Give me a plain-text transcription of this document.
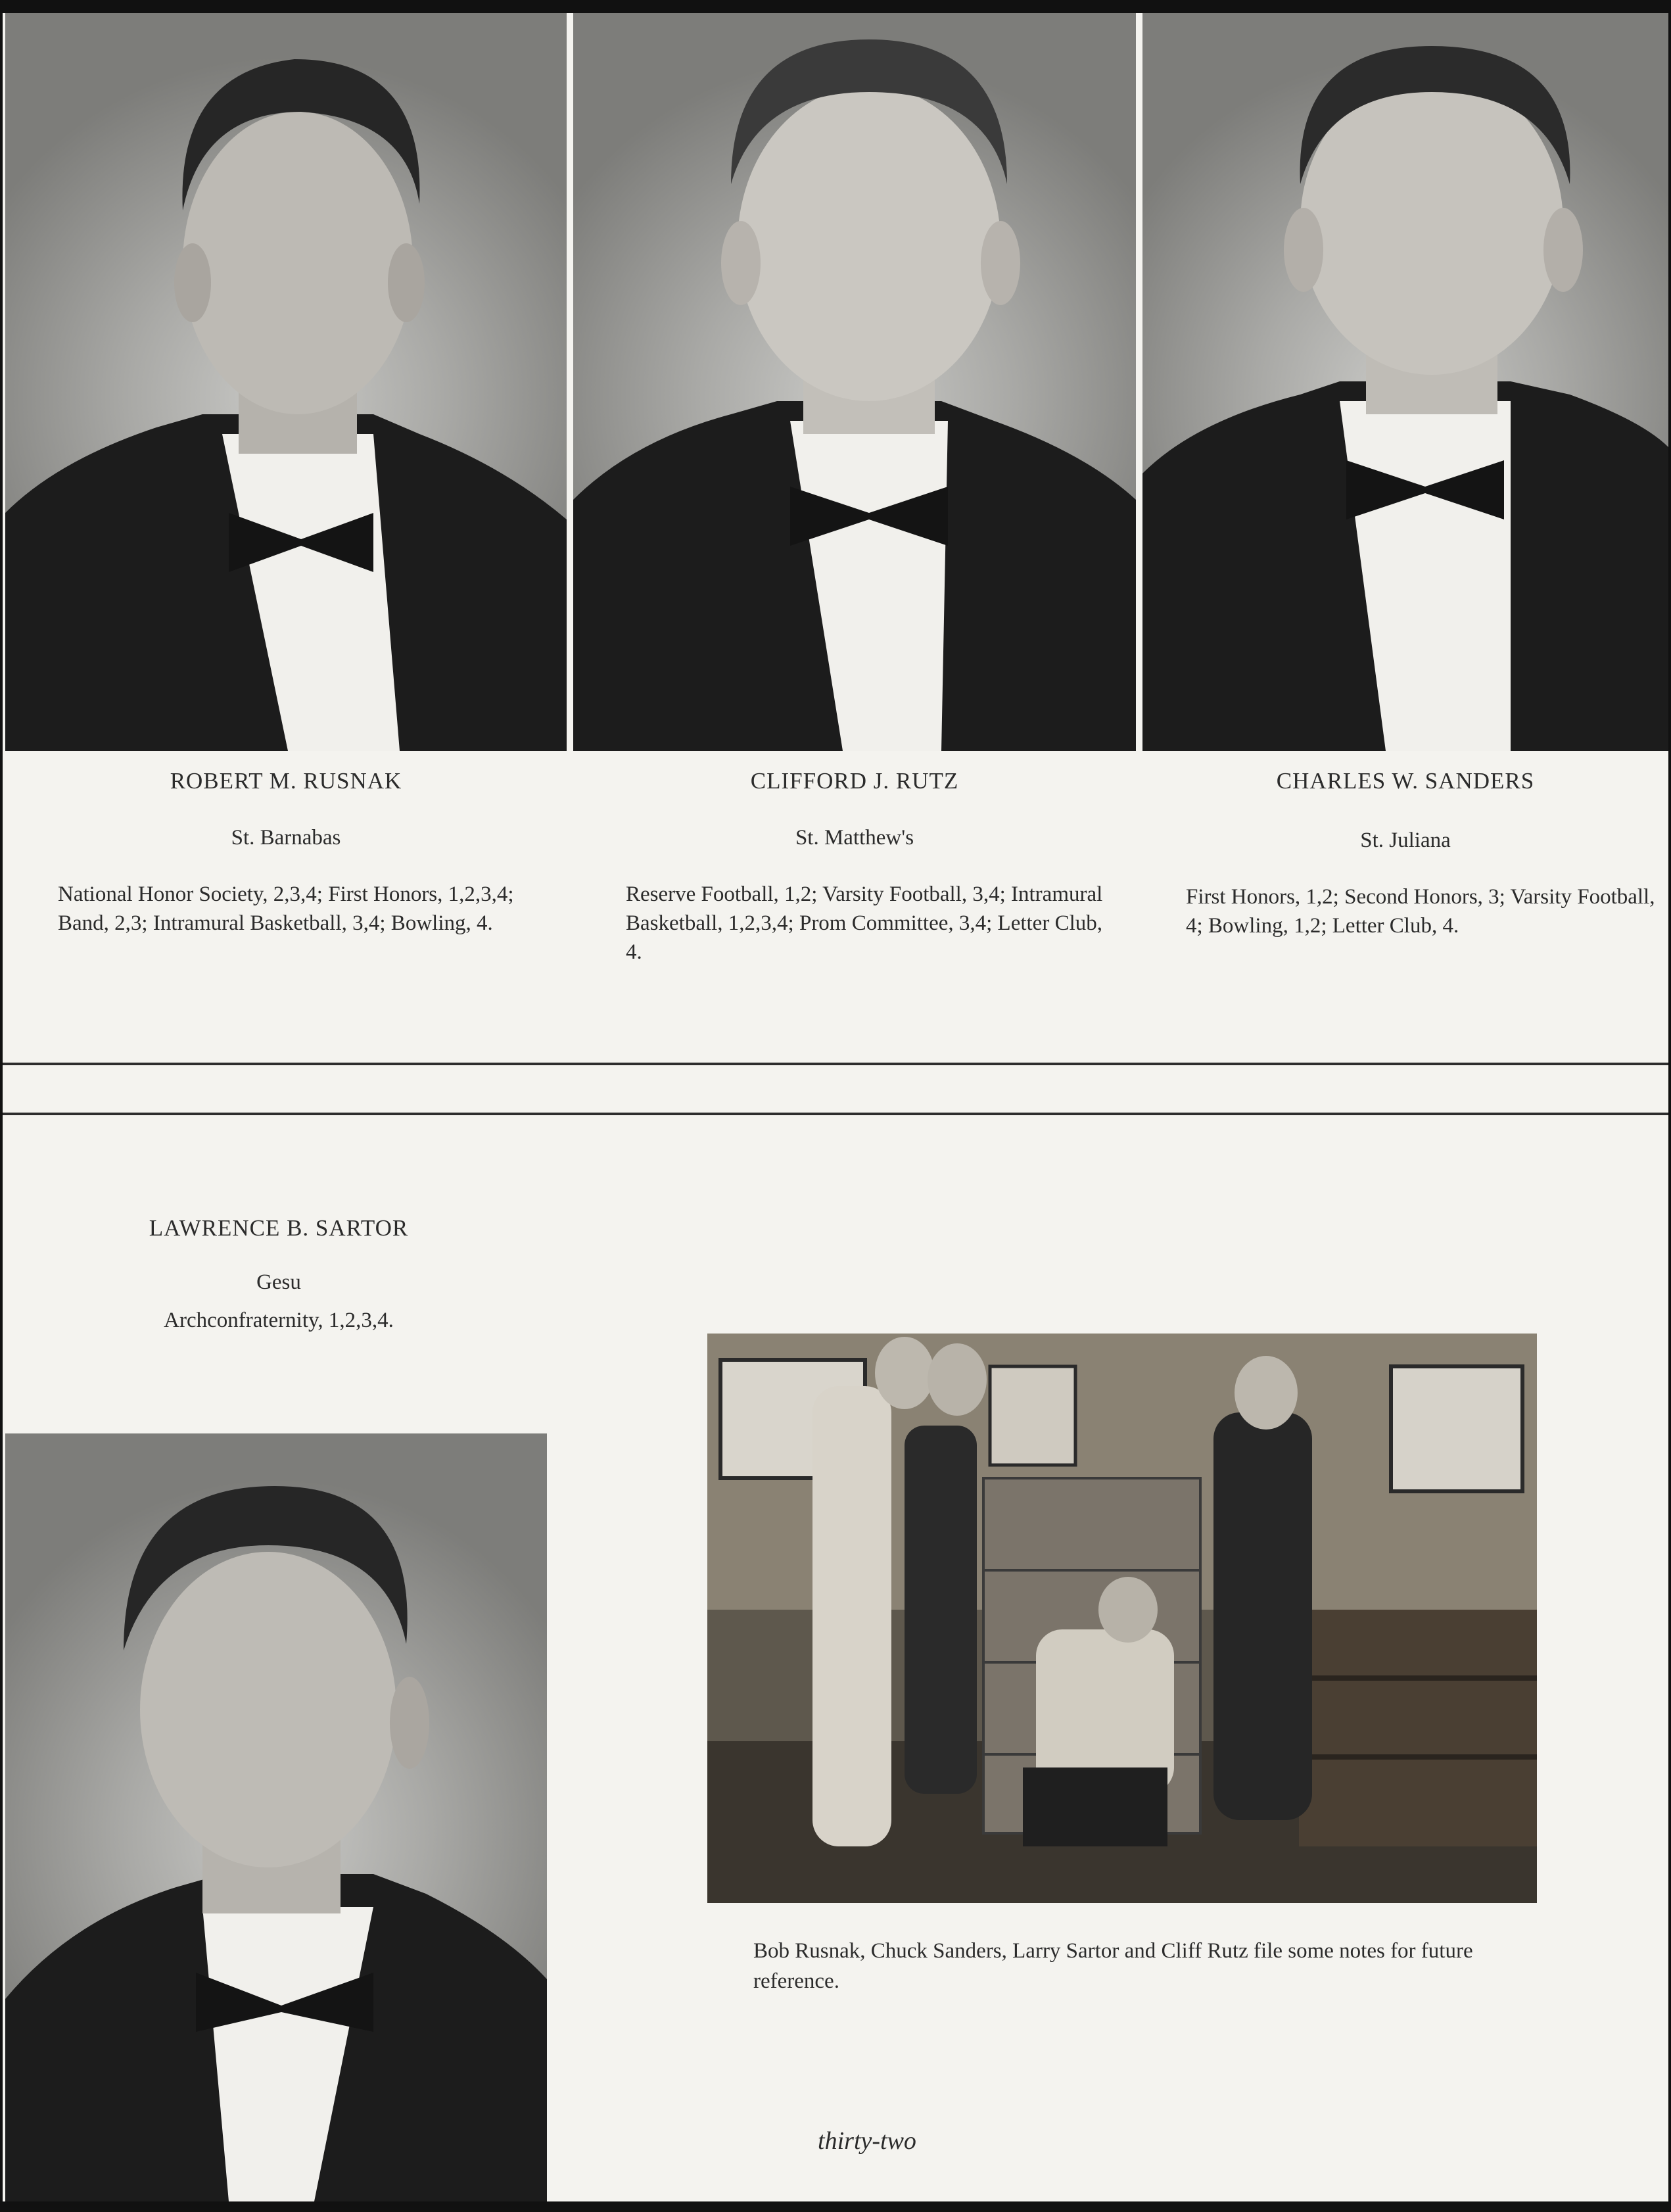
ROBERT M. RUSNAK
St. Barnabas
National Honor Society, 2,3,4; First Honors, 1,2,3,4; Band, 2,3; Intramural Basketball, 3,4; Bowling, 4.
CLIFFORD J. RUTZ
St. Matthew's
Reserve Football, 1,2; Varsity Football, 3,4; Intramural Basketball, 1,2,3,4; Prom Committee, 3,4; Letter Club, 4.
CHARLES W. SANDERS
St. Juliana
First Honors, 1,2; Second Honors, 3; Varsity Football, 4; Bowling, 1,2; Letter Club, 4.
LAWRENCE B. SARTOR
Gesu
Archconfraternity, 1,2,3,4.
Bob Rusnak, Chuck Sanders, Larry Sartor and Cliff Rutz file some notes for future reference.
thirty-two
